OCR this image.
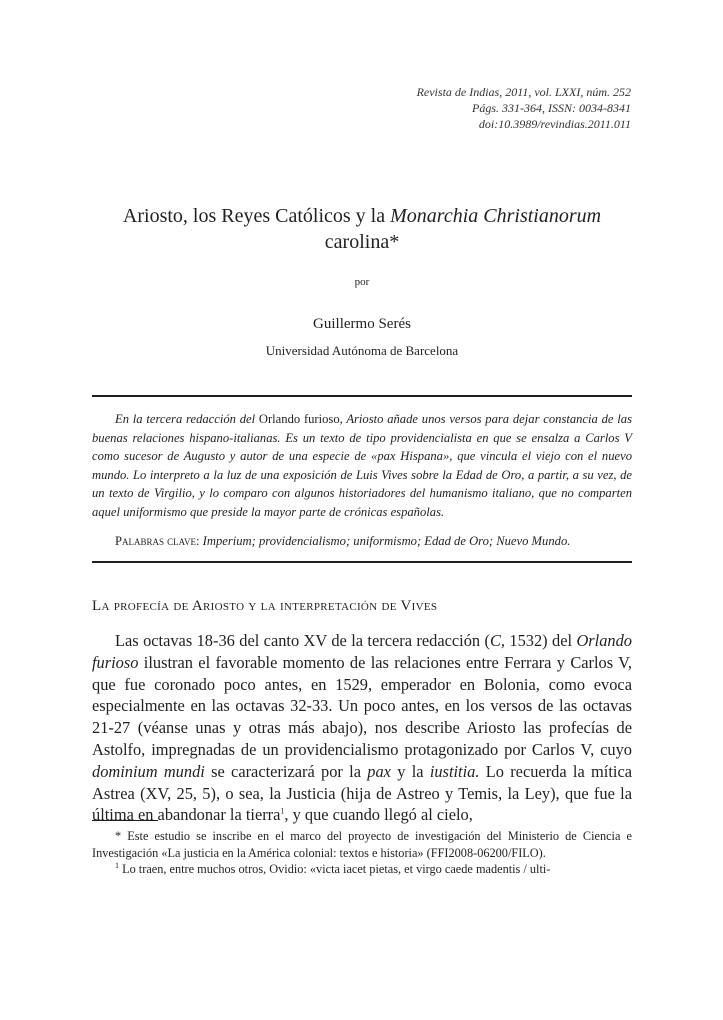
Revista de Indias, 2011, vol. LXXI, núm. 252
Págs. 331-364, ISSN: 0034-8341
doi:10.3989/revindias.2011.011
Ariosto, los Reyes Católicos y la Monarchia Christianorum carolina*
por
Guillermo Serés
Universidad Autónoma de Barcelona

En la tercera redacción del Orlando furioso, Ariosto añade unos versos para dejar constancia de las buenas relaciones hispano-italianas. Es un texto de tipo providencialista en que se ensalza a Carlos V como sucesor de Augusto y autor de una especie de «pax Hispana», que vincula el viejo con el nuevo mundo. Lo interpreto a la luz de una exposición de Luis Vives sobre la Edad de Oro, a partir, a su vez, de un texto de Virgilio, y lo comparo con algunos historiadores del humanismo italiano, que no comparten aquel uniformismo que preside la mayor parte de crónicas españolas.

Palabras clave: Imperium; providencialismo; uniformismo; Edad de Oro; Nuevo Mundo.

La profecía de Ariosto y la interpretación de Vives

Las octavas 18-36 del canto XV de la tercera redacción (C, 1532) del Orlando furioso ilustran el favorable momento de las relaciones entre Ferrara y Carlos V, que fue coronado poco antes, en 1529, emperador en Bolonia, como evoca especialmente en las octavas 32-33. Un poco antes, en los versos de las octavas 21-27 (véanse unas y otras más abajo), nos describe Ariosto las profecías de Astolfo, impregnadas de un providencialismo protagonizado por Carlos V, cuyo dominium mundi se caracterizará por la pax y la iustitia. Lo recuerda la mítica Astrea (XV, 25, 5), o sea, la Justicia (hija de Astreo y Temis, la Ley), que fue la última en abandonar la tierra$^1$, y que cuando llegó al cielo,

* Este estudio se inscribe en el marco del proyecto de investigación del Ministerio de Ciencia e Investigación «La justicia en la América colonial: textos e historia» (FFI2008-06200/FILO).

$^1$ Lo traen, entre muchos otros, Ovidio: «victa iacet pietas, et virgo caede madentis / ulti-
